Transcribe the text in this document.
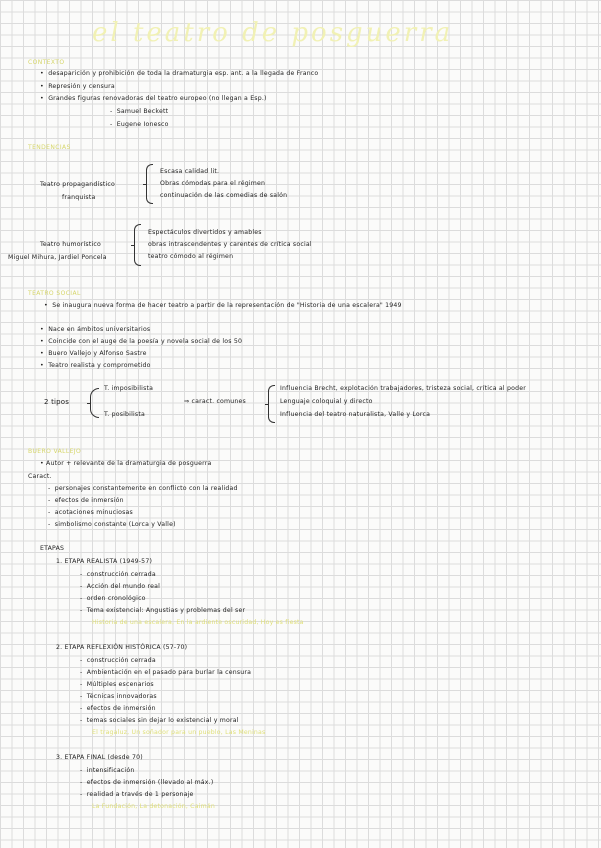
el teatro de posguerra
CONTEXTO
•  desaparición y prohibición de toda la dramaturgia esp. ant. a la llegada de Franco
•  Represión y censura
•  Grandes figuras renovadoras del teatro europeo (no llegan a Esp.)
-  Samuel Beckett
-  Eugene Ionesco
TENDENCIAS
Teatro propagandístico
franquista
Escasa calidad lit.
Obras cómodas para el régimen
continuación de las comedias de salón
Teatro humorístico
Miguel Mihura, Jardiel Poncela
Espectáculos divertidos y amables
obras intrascendentes y carentes de crítica social
teatro cómodo al régimen
TEATRO SOCIAL
•  Se inaugura nueva forma de hacer teatro a partir de la representación de "Historia de una escalera" 1949
•  Nace en ámbitos universitarios
•  Coincide con el auge de la poesía y novela social de los 50
•  Buero Vallejo y Alfonso Sastre
•  Teatro realista y comprometido
2 tipos
T. imposibilista
T. posibilista
⇒ caract. comunes
Influencia Brecht, explotación trabajadores, tristeza social, crítica al poder
Lenguaje coloquial y directo
Influencia del teatro naturalista, Valle y Lorca
BUERO VALLEJO
• Autor + relevante de la dramaturgia de posguerra
Caract.
-  personajes constantemente en conflicto con la realidad
-  efectos de inmersión
-  acotaciones minuciosas
-  simbolismo constante (Lorca y Valle)
ETAPAS
1. ETAPA REALISTA (1949-57)
-  construcción cerrada
-  Acción del mundo real
-  orden cronológico
-  Tema existencial: Angustias y problemas del ser
Historia de una escalera, En la ardiente oscuridad, Hoy es fiesta
2. ETAPA REFLEXIÓN HISTÓRICA (57-70)
-  construcción cerrada
-  Ambientación en el pasado para burlar la censura
-  Múltiples escenarios
-  Técnicas innovadoras
-  efectos de inmersión
-  temas sociales sin dejar lo existencial y moral
El tragaluz, Un soñador para un pueblo, Las Meninas
3. ETAPA FINAL (desde 70)
-  intensificación
-  efectos de inmersión (llevado al máx.)
-  realidad a través de 1 personaje
La Fundación, La detonación, Caimán
